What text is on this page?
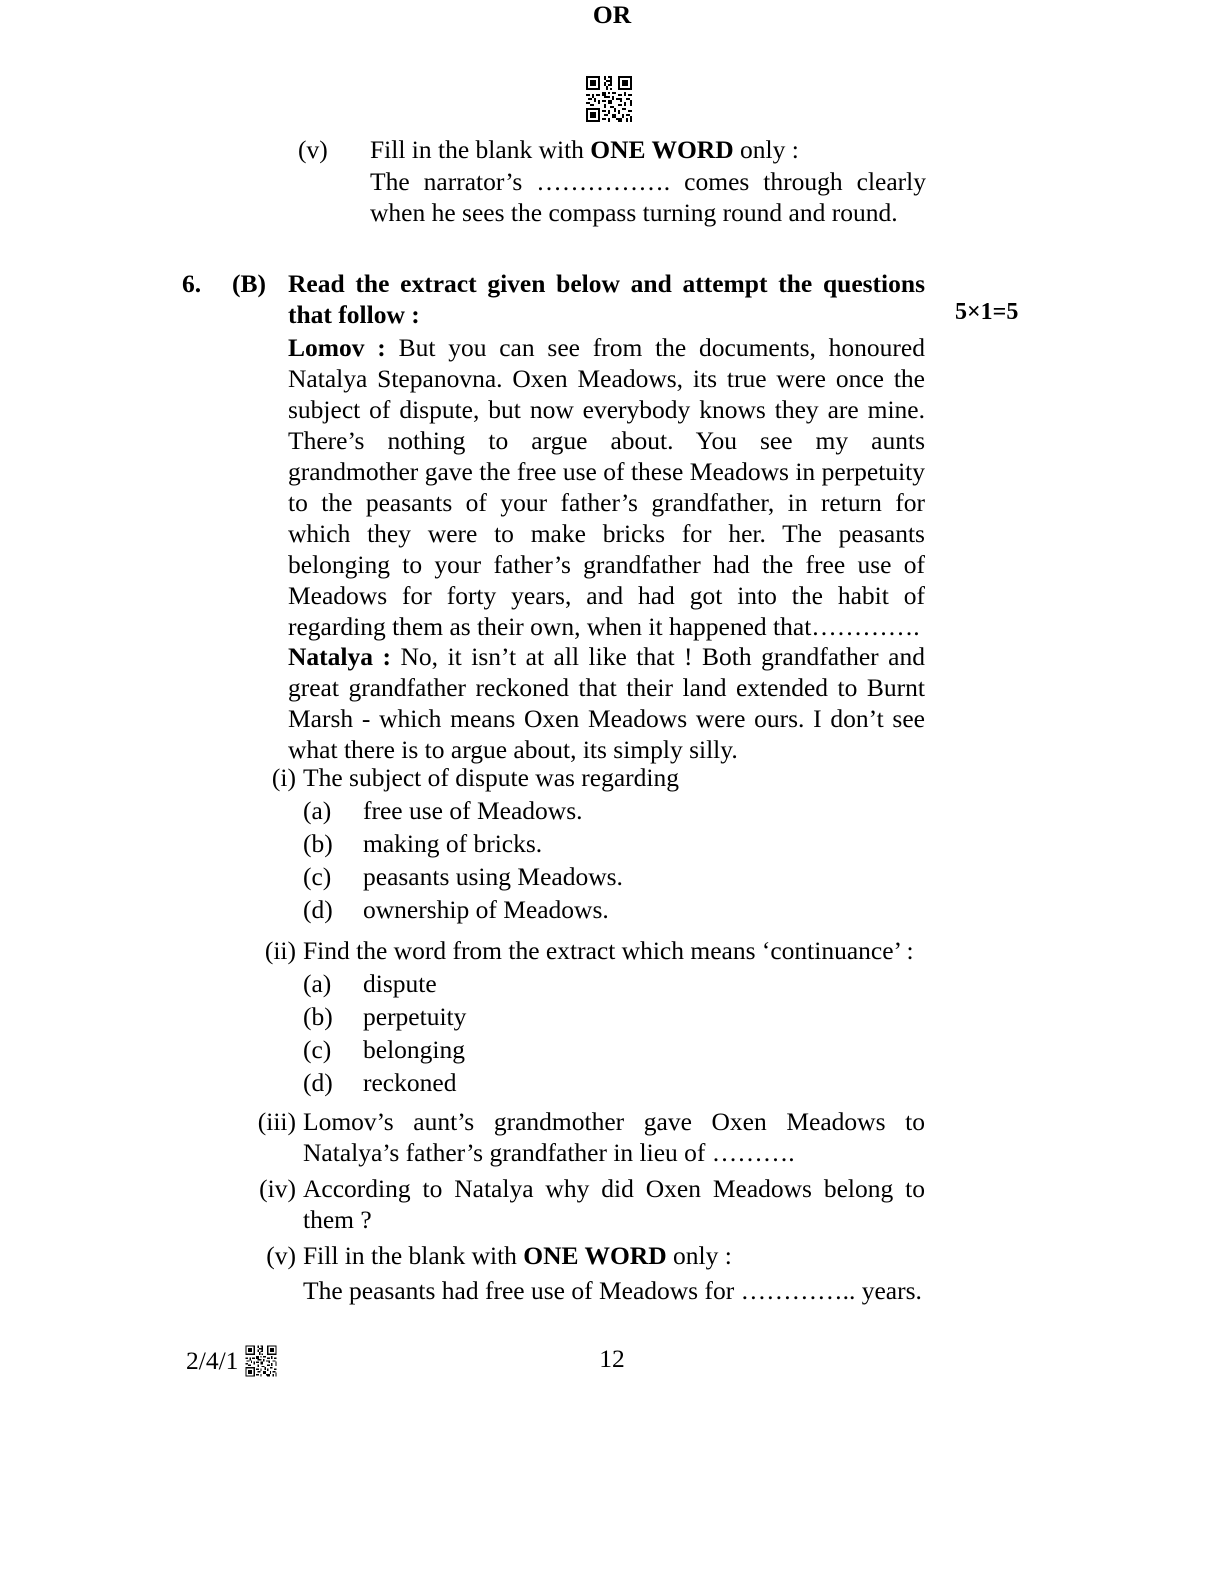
(v)	Fill in the blank with ONE WORD only :
The narrator’s ……………. comes through clearly when he sees the compass turning round and round.
OR
6.	(B) Read the extract given below and attempt the questions that follow :	5×1=5
Lomov : But you can see from the documents, honoured Natalya Stepanovna. Oxen Meadows, its true were once the subject of dispute, but now everybody knows they are mine. There’s nothing to argue about. You see my aunts grandmother gave the free use of these Meadows in perpetuity to the peasants of your father’s grandfather, in return for which they were to make bricks for her. The peasants belonging to your father’s grandfather had the free use of Meadows for forty years, and had got into the habit of regarding them as their own, when it happened that………….
Natalya : No, it isn’t at all like that ! Both grandfather and great grandfather reckoned that their land extended to Burnt Marsh - which means Oxen Meadows were ours. I don’t see what there is to argue about, its simply silly.
(i) The subject of dispute was regarding
(a)	free use of Meadows.
(b)	making of bricks.
(c)	peasants using Meadows.
(d)	ownership of Meadows.
(ii) Find the word from the extract which means ‘continuance’ :
(a)	dispute
(b)	perpetuity
(c)	belonging
(d)	reckoned
(iii) Lomov’s aunt’s grandmother gave Oxen Meadows to Natalya’s father’s grandfather in lieu of ……….
(iv) According to Natalya why did Oxen Meadows belong to them ?
(v) Fill in the blank with ONE WORD only :
The peasants had free use of Meadows for ………….. years.
2/4/1	12
